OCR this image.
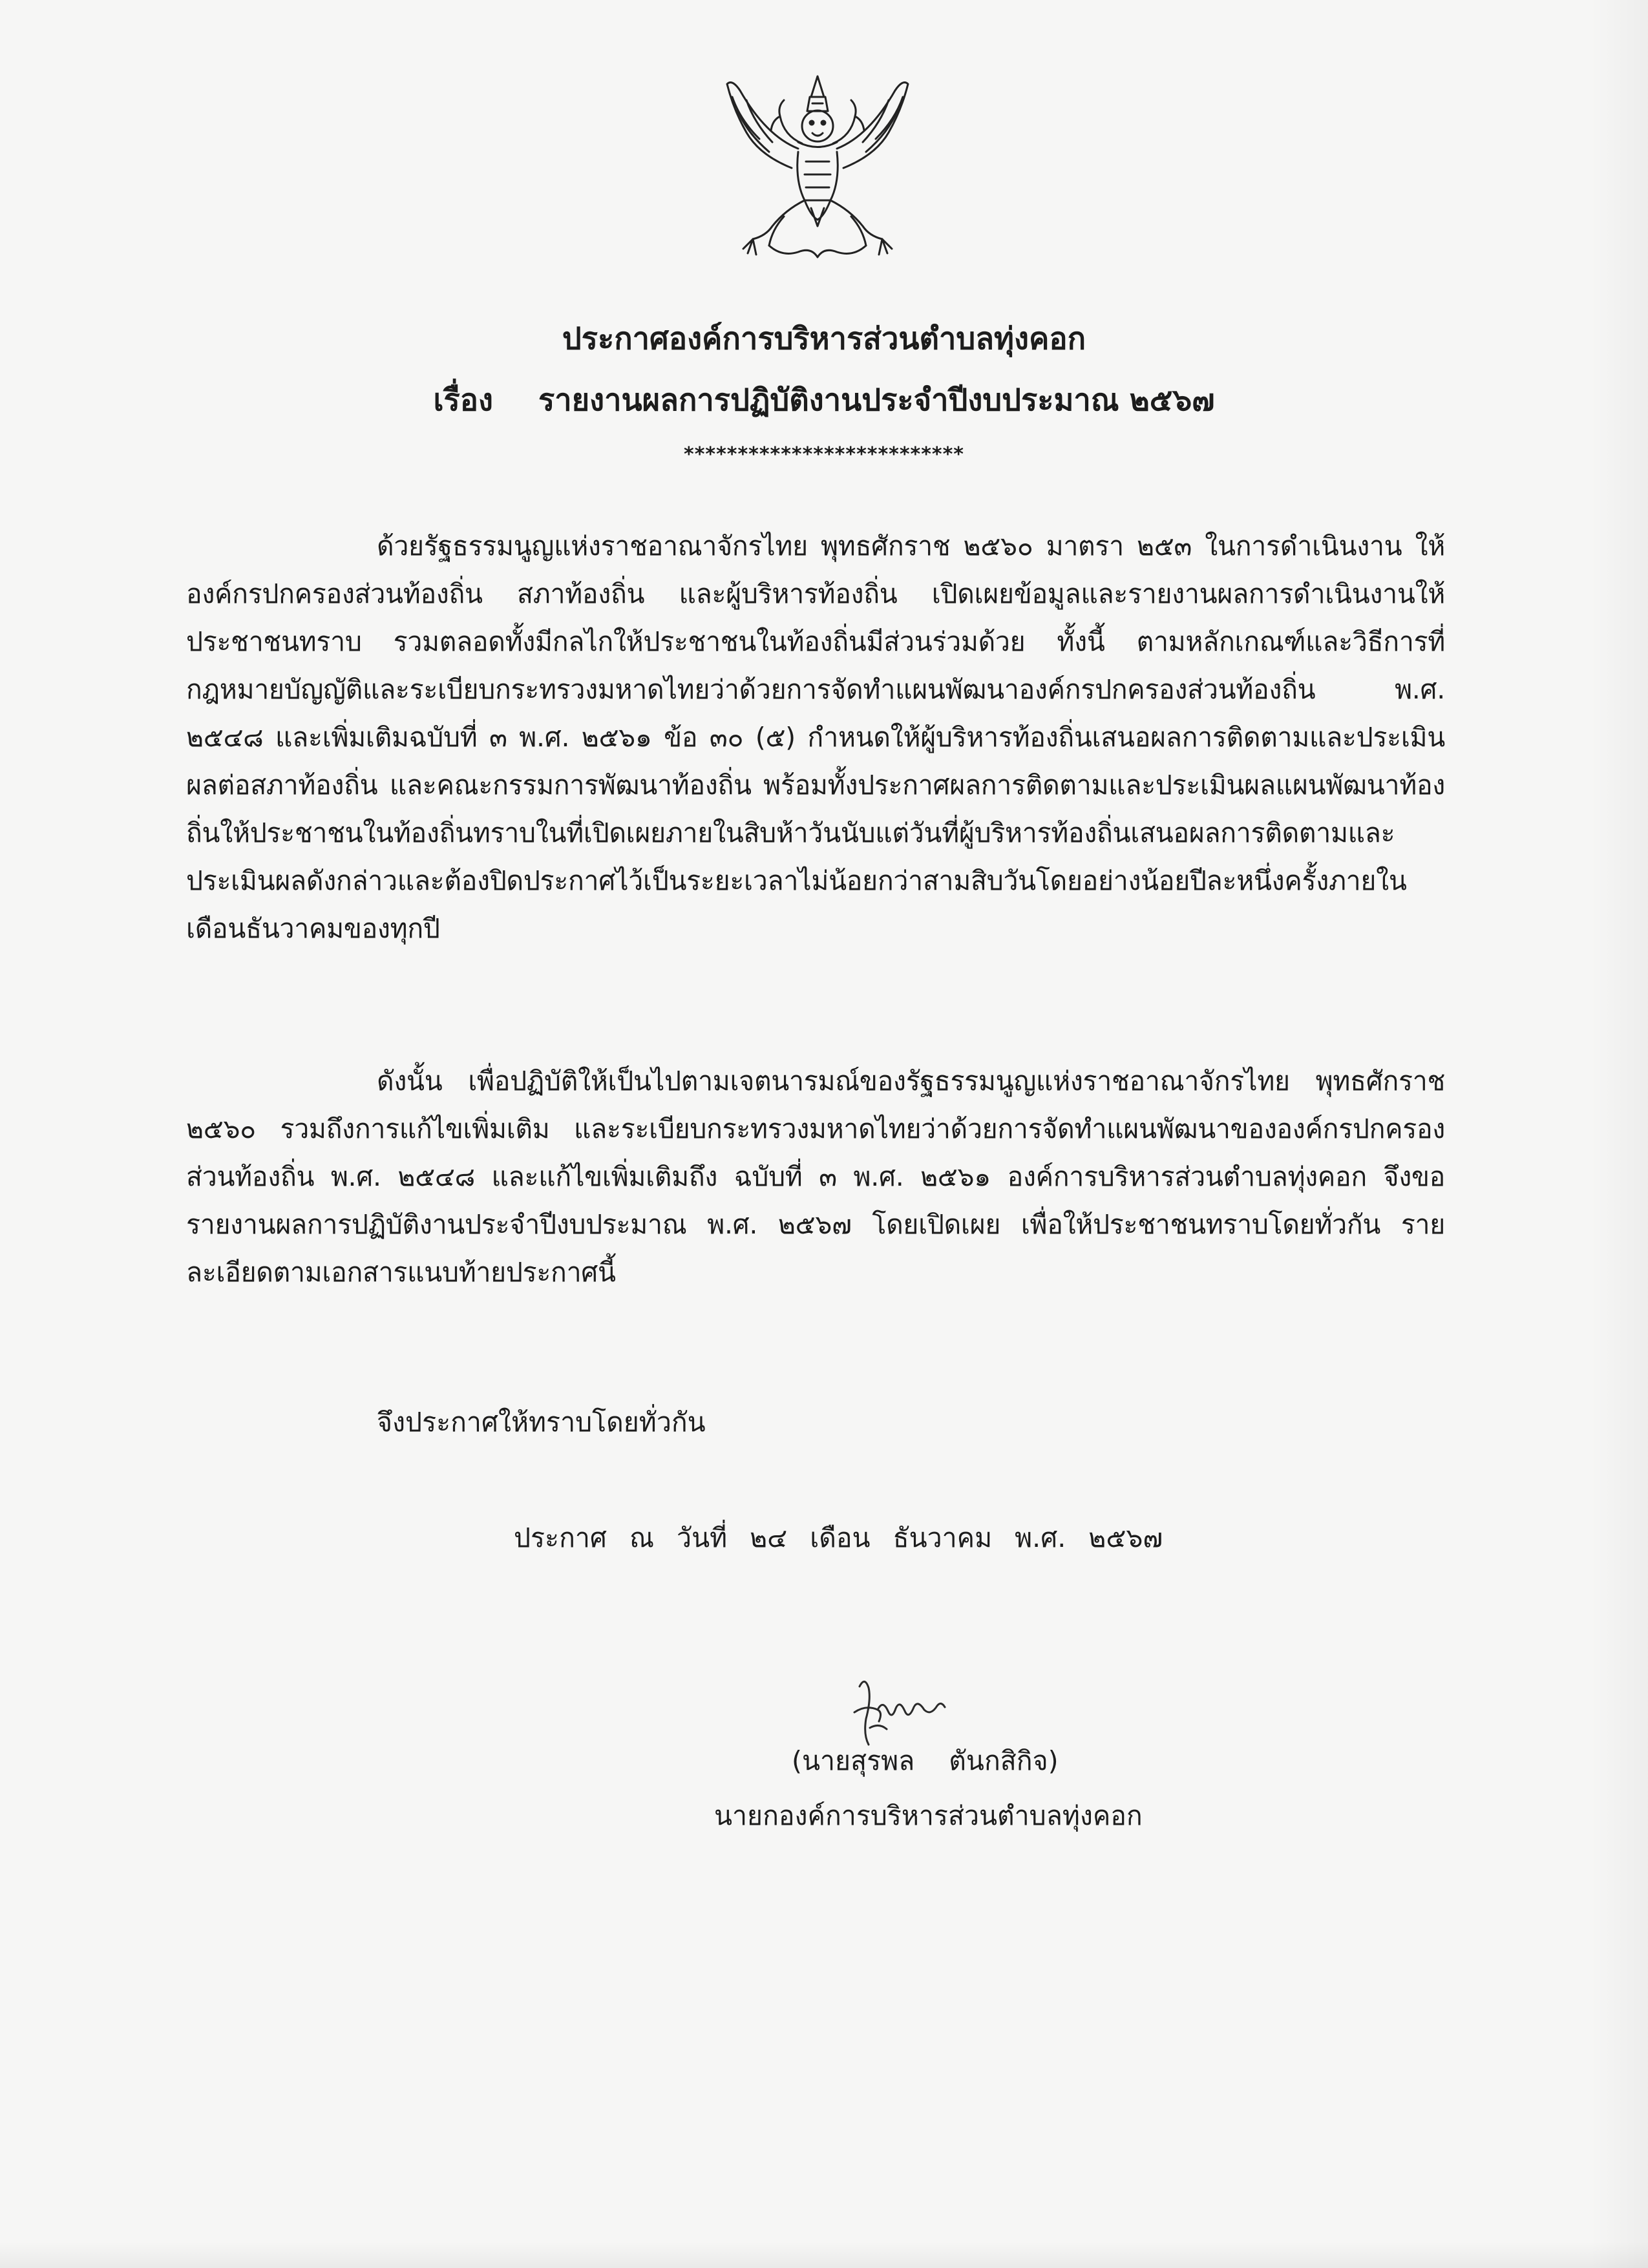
ประกาศองค์การบริหารส่วนตำบลทุ่งคอก
เรื่อง รายงานผลการปฏิบัติงานประจำปีงบประมาณ ๒๕๖๗
**************************

ด้วยรัฐธรรมนูญแห่งราชอาณาจักรไทย พุทธศักราช ๒๕๖๐ มาตรา ๒๕๓ ในการดำเนินงาน ให้องค์กรปกครองส่วนท้องถิ่น สภาท้องถิ่น และผู้บริหารท้องถิ่น เปิดเผยข้อมูลและรายงานผลการดำเนินงานให้ประชาชนทราบ รวมตลอดทั้งมีกลไกให้ประชาชนในท้องถิ่นมีส่วนร่วมด้วย ทั้งนี้ ตามหลักเกณฑ์และวิธีการที่กฎหมายบัญญัติและระเบียบกระทรวงมหาดไทยว่าด้วยการจัดทำแผนพัฒนาองค์กรปกครองส่วนท้องถิ่น พ.ศ. ๒๕๔๘ และเพิ่มเติมฉบับที่ ๓ พ.ศ. ๒๕๖๑ ข้อ ๓๐ (๕) กำหนดให้ผู้บริหารท้องถิ่นเสนอผลการติดตามและประเมินผลต่อสภาท้องถิ่น และคณะกรรมการพัฒนาท้องถิ่น พร้อมทั้งประกาศผลการติดตามและประเมินผลแผนพัฒนาท้องถิ่นให้ประชาชนในท้องถิ่นทราบในที่เปิดเผยภายในสิบห้าวันนับแต่วันที่ผู้บริหารท้องถิ่นเสนอผลการติดตามและประเมินผลดังกล่าวและต้องปิดประกาศไว้เป็นระยะเวลาไม่น้อยกว่าสามสิบวันโดยอย่างน้อยปีละหนึ่งครั้งภายในเดือนธันวาคมของทุกปี

ดังนั้น เพื่อปฏิบัติให้เป็นไปตามเจตนารมณ์ของรัฐธรรมนูญแห่งราชอาณาจักรไทย พุทธศักราช ๒๕๖๐ รวมถึงการแก้ไขเพิ่มเติม และระเบียบกระทรวงมหาดไทยว่าด้วยการจัดทำแผนพัฒนาขององค์กรปกครองส่วนท้องถิ่น พ.ศ. ๒๕๔๘ และแก้ไขเพิ่มเติมถึง ฉบับที่ ๓ พ.ศ. ๒๕๖๑ องค์การบริหารส่วนตำบลทุ่งคอก จึงขอรายงานผลการปฏิบัติงานประจำปีงบประมาณ พ.ศ. ๒๕๖๗ โดยเปิดเผย เพื่อให้ประชาชนทราบโดยทั่วกัน รายละเอียดตามเอกสารแนบท้ายประกาศนี้

จึงประกาศให้ทราบโดยทั่วกัน
ประกาศ ณ วันที่ ๒๔ เดือน ธันวาคม พ.ศ. ๒๕๖๗
(นายสุรพล ตันกสิกิจ)
นายกองค์การบริหารส่วนตำบลทุ่งคอก
